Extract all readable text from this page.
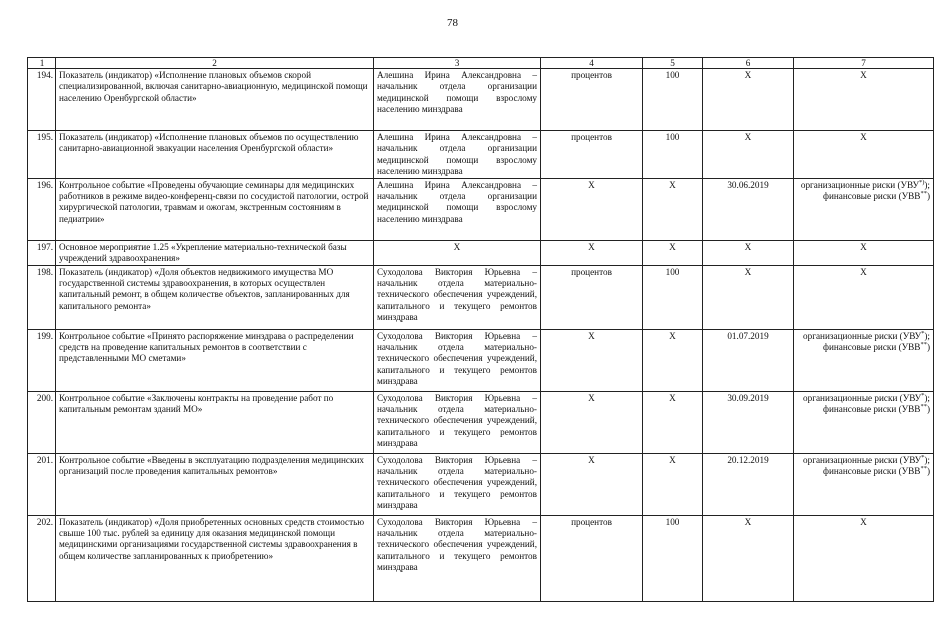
78
1	2	3	4	5	6	7
194.	Показатель (индикатор) «Исполнение плановых объемов скорой специализированной, включая санитарно-авиационную, медицинской помощи населению Оренбургской области»	Алешина Ирина Александровна – начальник отдела организации медицинской помощи взрослому населению минздрава	процентов	100	X	X
195.	Показатель (индикатор) «Исполнение плановых объемов по осуществлению санитарно-авиационной эвакуации населения Оренбургской области»	Алешина Ирина Александровна – начальник отдела организации медицинской помощи взрослому населению минздрава	процентов	100	X	X
196.	Контрольное событие «Проведены обучающие семинары для медицинских работников в режиме видео-конференц-связи по сосудистой патологии, острой хирургической патологии, травмам и ожогам, экстренным состояниям в педиатрии»	Алешина Ирина Александровна – начальник отдела организации медицинской помощи взрослому населению минздрава	X	X	30.06.2019	организационные риски (УВУ*));
финансовые риски (УВВ**)

197.	Основное мероприятие 1.25 «Укрепление материально-технической базы учреждений здравоохранения»	X	X	X	X	X
198.	Показатель (индикатор) «Доля объектов недвижимого имущества МО государственной системы здравоохранения, в которых осуществлен капитальный ремонт, в общем количестве объектов, запланированных для капитального ремонта»	Суходолова Виктория Юрьевна – начальник отдела материально-технического обеспечения учреждений, капитального и текущего ремонтов минздрава	процентов	100	X	X
199.	Контрольное событие «Принято распоряжение минздрава о распределении средств на проведение капитальных ремонтов в соответствии с представленными МО сметами»	Суходолова Виктория Юрьевна – начальник отдела материально-технического обеспечения учреждений, капитального и текущего ремонтов минздрава	X	X	01.07.2019	организационные риски (УВУ*);
финансовые риски (УВВ**)

200.	Контрольное событие «Заключены контракты на проведение работ по капитальным ремонтам зданий МО»	Суходолова Виктория Юрьевна – начальник отдела материально-технического обеспечения учреждений, капитального и текущего ремонтов минздрава	X	X	30.09.2019	организационные риски (УВУ*);
финансовые риски (УВВ**)

201.	Контрольное событие «Введены в эксплуатацию подразделения медицинских организаций после проведения капитальных ремонтов»	Суходолова Виктория Юрьевна – начальник отдела материально-технического обеспечения учреждений, капитального и текущего ремонтов минздрава	X	X	20.12.2019	организационные риски (УВУ*);
финансовые риски (УВВ**)

202.	Показатель (индикатор) «Доля приобретенных основных средств стоимостью свыше 100 тыс. рублей за единицу для оказания медицинской помощи медицинскими организациями государственной системы здравоохранения в общем количестве запланированных к приобретению»	Суходолова Виктория Юрьевна – начальник отдела материально-технического обеспечения учреждений, капитального и текущего ремонтов минздрава	процентов	100	X	X
